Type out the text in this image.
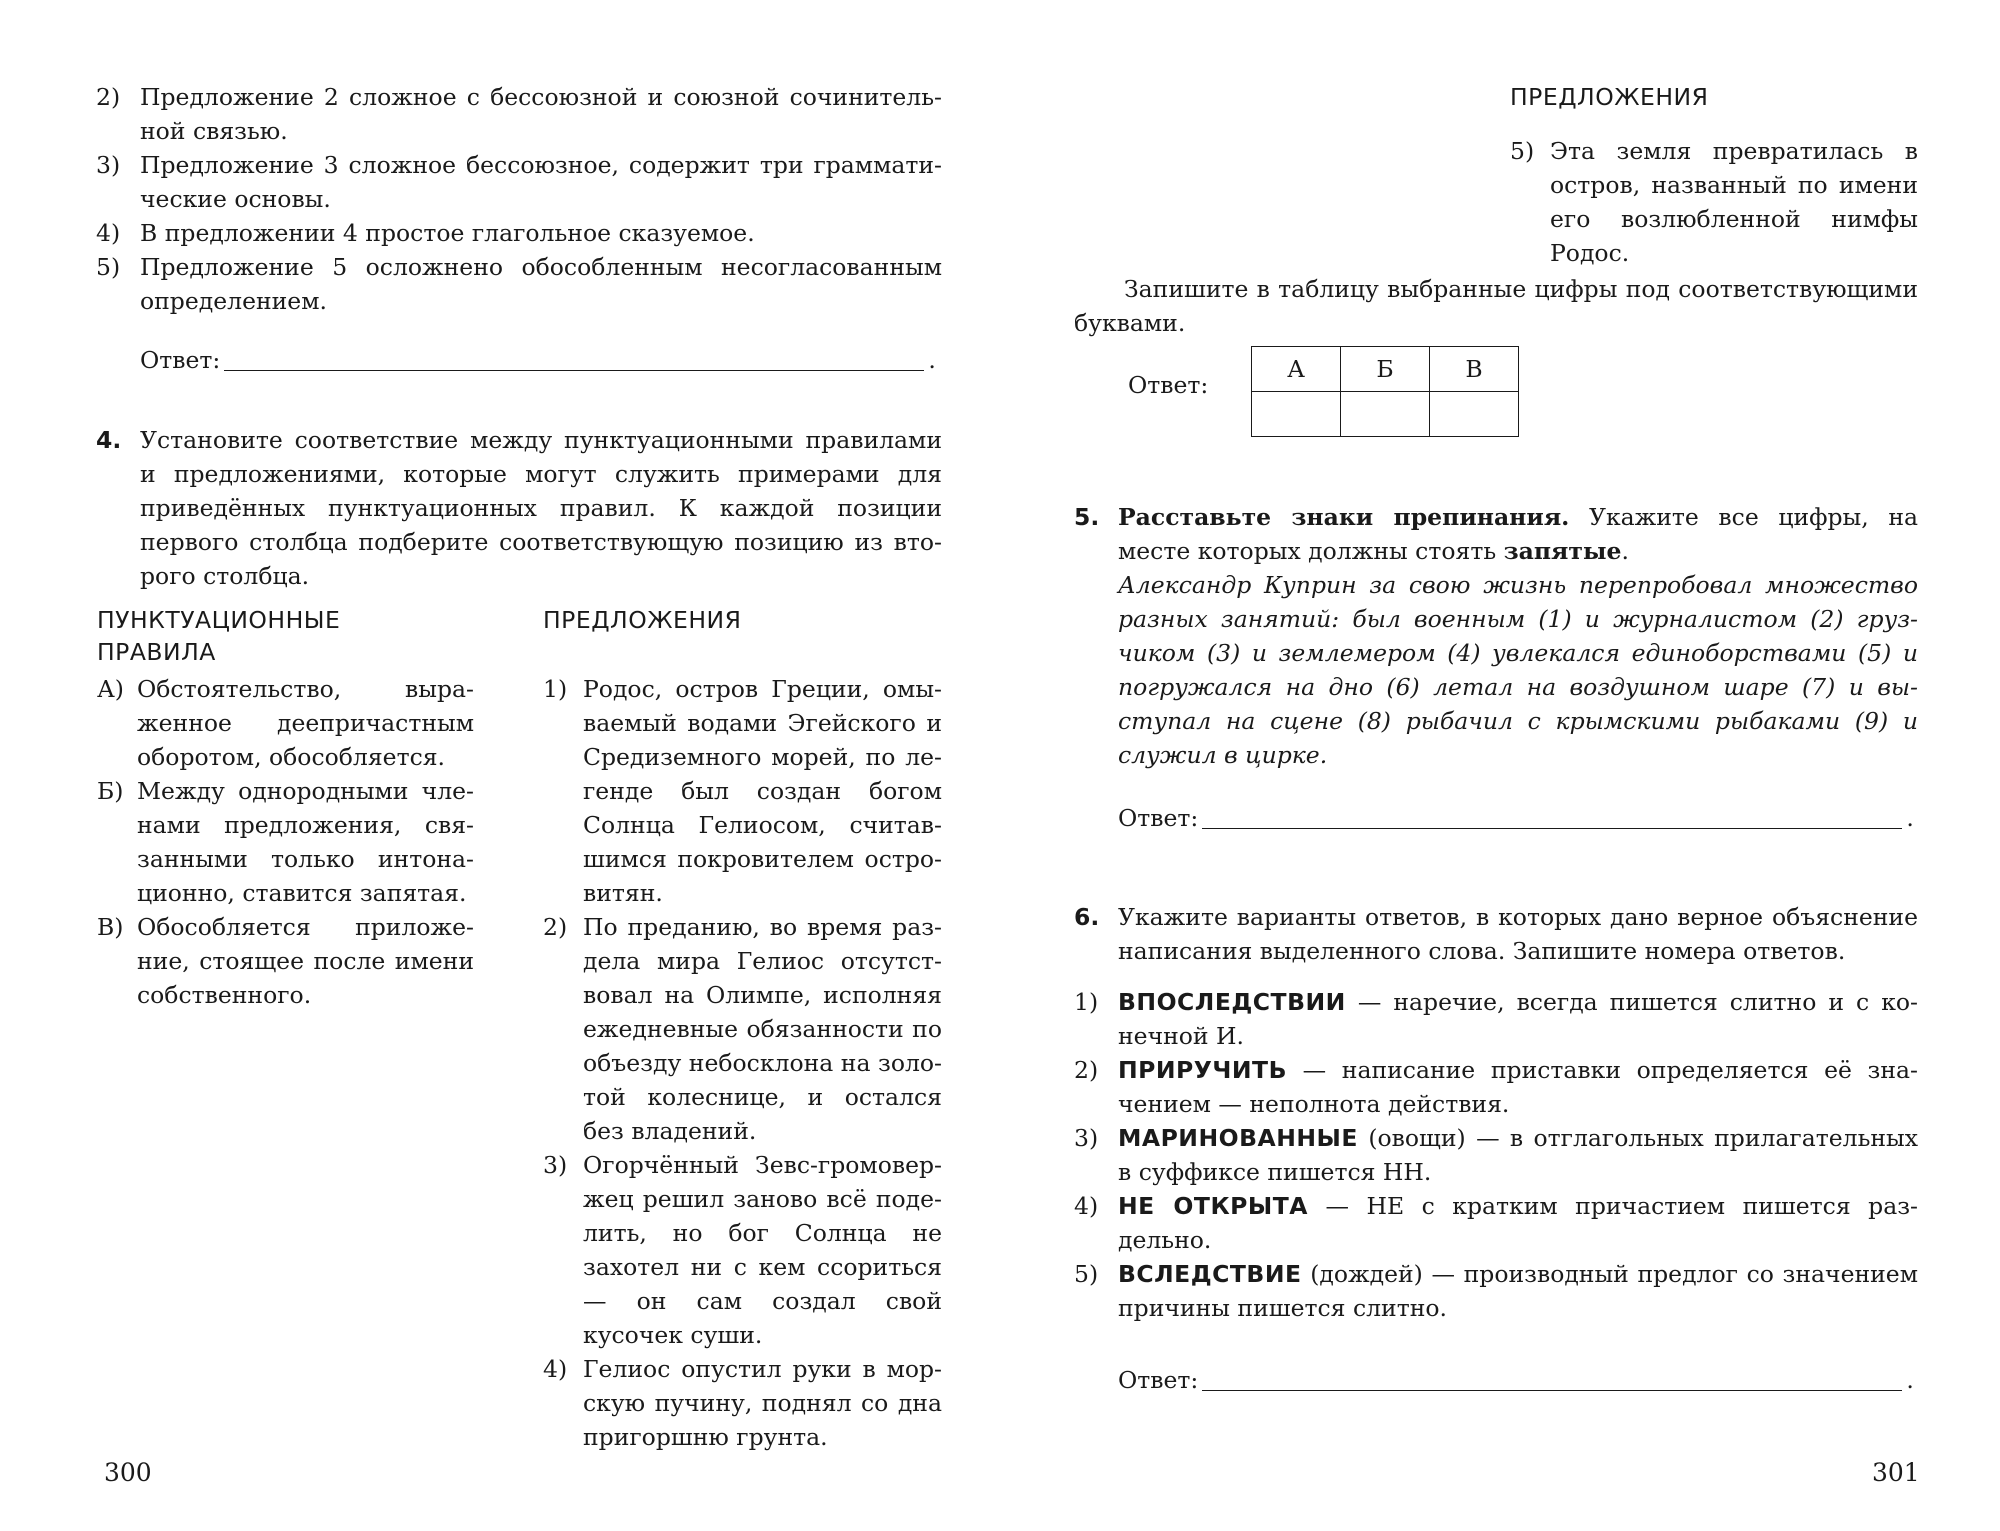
2) Предложение 2 сложное с бессоюзной и союзной сочинительной связью.
3) Предложение 3 сложное бессоюзное, содержит три грамматические основы.
4) В предложении 4 простое глагольное сказуемое.
5) Предложение 5 осложнено обособленным несогласованным определением.
Ответ:	.
4. Установите соответствие между пунктуационными правилами и предложениями, которые могут служить примерами для приведённых пунктуационных правил. К каждой позиции первого столбца подберите соответствующую позицию из второго столбца.
ПУНКТУАЦИОННЫЕ
ПРАВИЛА
ПРЕДЛОЖЕНИЯ
А) Обстоятельство, выраженное деепричастным оборотом, обособляется.
Б) Между однородными членами предложения, связанными только интонационно, ставится запятая.
В) Обособляется приложение, стоящее после имени собственного.
1) Родос, остров Греции, омываемый водами Эгейского и Средиземного морей, по легенде был создан богом Солнца Гелиосом, считавшимся покровителем островитян.
2) По преданию, во время раздела мира Гелиос отсутствовал на Олимпе, исполняя ежедневные обязанности по объезду небосклона на золотой колеснице, и остался без владений.
3) Огорчённый Зевс-громовержец решил заново всё поделить, но бог Солнца не захотел ни с кем ссориться — он сам создал свой кусочек суши.
4) Гелиос опустил руки в морскую пучину, поднял со дна пригоршню грунта.
300
ПРЕДЛОЖЕНИЯ
5) Эта земля превратилась в остров, названный по имени его возлюбленной нимфы Родос.
Запишите в таблицу выбранные цифры под соответствующими буквами.
Ответ:
А	Б	В

5. Расставьте знаки препинания. Укажите все цифры, на месте которых должны стоять запятые.
Александр Куприн за свою жизнь перепробовал множество разных занятий: был военным (1) и журналистом (2) грузчиком (3) и землемером (4) увлекался единоборствами (5) и погружался на дно (6) летал на воздушном шаре (7) и выступал на сцене (8) рыбачил с крымскими рыбаками (9) и служил в цирке.
Ответ:	.
6. Укажите варианты ответов, в которых дано верное объяснение написания выделенного слова. Запишите номера ответов.
1) ВПОСЛЕДСТВИИ — наречие, всегда пишется слитно и с конечной И.
2) ПРИРУЧИТЬ — написание приставки определяется её значением — неполнота действия.
3) МАРИНОВАННЫЕ (овощи) — в отглагольных прилагательных в суффиксе пишется НН.
4) НЕ ОТКРЫТА — НЕ с кратким причастием пишется раздельно.
5) ВСЛЕДСТВИЕ (дождей) — производный предлог со значением причины пишется слитно.
Ответ:	.
301
